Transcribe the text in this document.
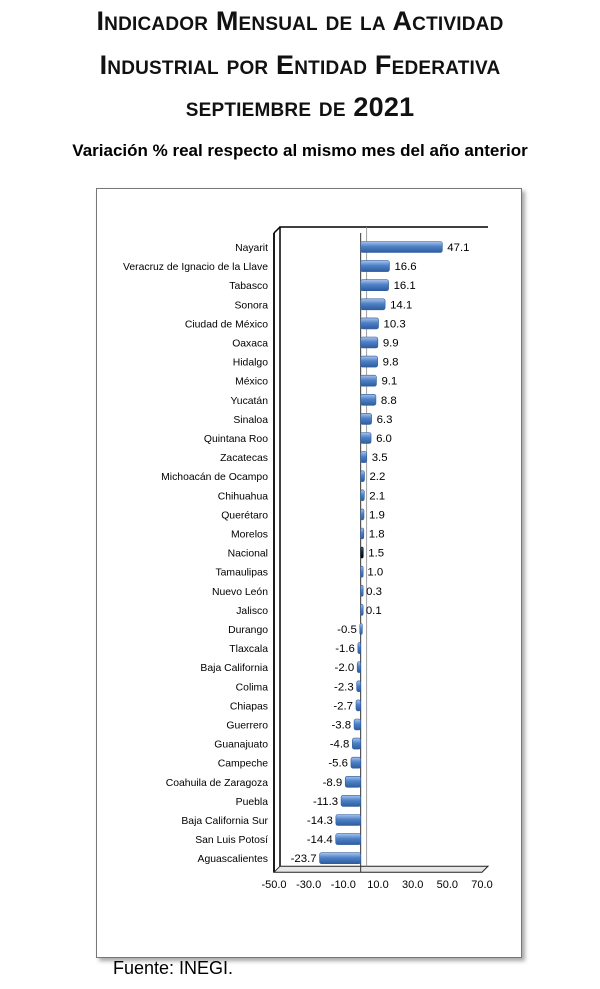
Indicador Mensual de la Actividad
Industrial por Entidad Federativa
septiembre de 2021
Variación % real respecto al mismo mes del año anterior
Nayarit	47.1
Veracruz de Ignacio de la Llave	16.6
Tabasco	16.1
Sonora	14.1
Ciudad de México	10.3
Oaxaca	9.9
Hidalgo	9.8
México	9.1
Yucatán	8.8
Sinaloa	6.3
Quintana Roo	6.0
Zacatecas	3.5
Michoacán de Ocampo	2.2
Chihuahua	2.1
Querétaro	1.9
Morelos	1.8
Nacional	1.5
Tamaulipas	1.0
Nuevo León	0.3
Jalisco	0.1
Durango	-0.5
Tlaxcala	-1.6
Baja California	-2.0
Colima	-2.3
Chiapas	-2.7
Guerrero	-3.8
Guanajuato	-4.8
Campeche	-5.6
Coahuila de Zaragoza	-8.9
Puebla	-11.3
Baja California Sur	-14.3
San Luis Potosí	-14.4
Aguascalientes -23.7
-50.0 -30.0 -10.0 10.0 30.0 50.0 70.0
Fuente: INEGI.
